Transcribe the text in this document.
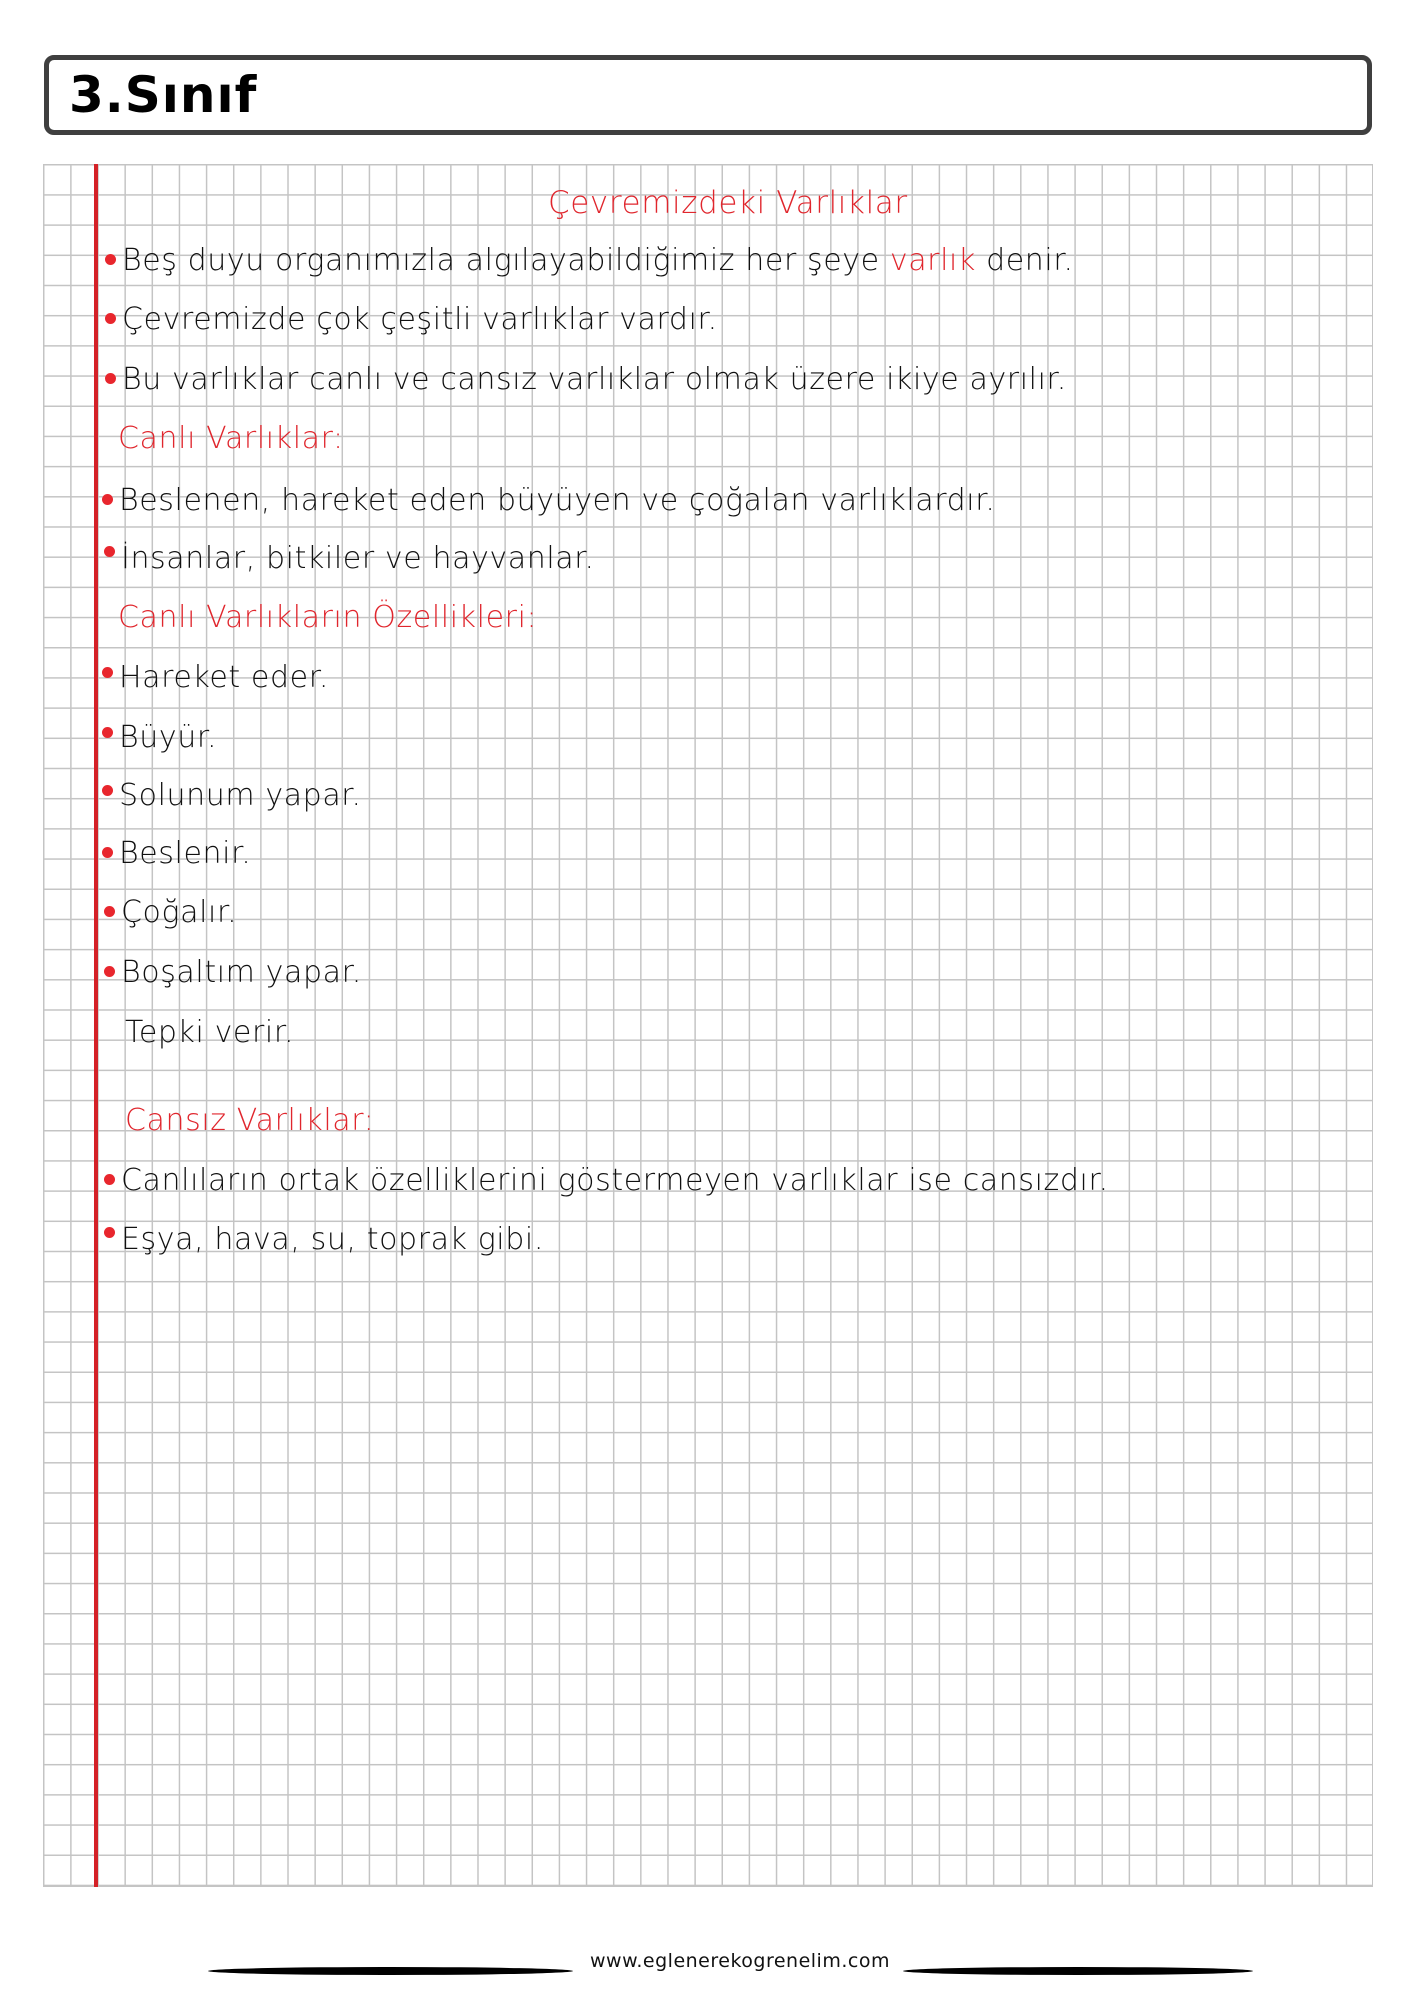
3.Sınıf
Çevremizdeki Varlıklar
Beş duyu organımızla algılayabildiğimiz her şeye varlık denir.
Çevremizde çok çeşitli varlıklar vardır.
Bu varlıklar canlı ve cansız varlıklar olmak üzere ikiye ayrılır.
Canlı Varlıklar:
Beslenen, hareket eden büyüyen ve çoğalan varlıklardır.
İnsanlar, bitkiler ve hayvanlar.
Canlı Varlıkların Özellikleri:
Hareket eder.
Büyür.
Solunum yapar.
Beslenir.
Çoğalır.
Boşaltım yapar.
Tepki verir.
Cansız Varlıklar:
Canlıların ortak özelliklerini göstermeyen varlıklar ise cansızdır.
Eşya, hava, su, toprak gibi.
www.eglenerekogrenelim.com
